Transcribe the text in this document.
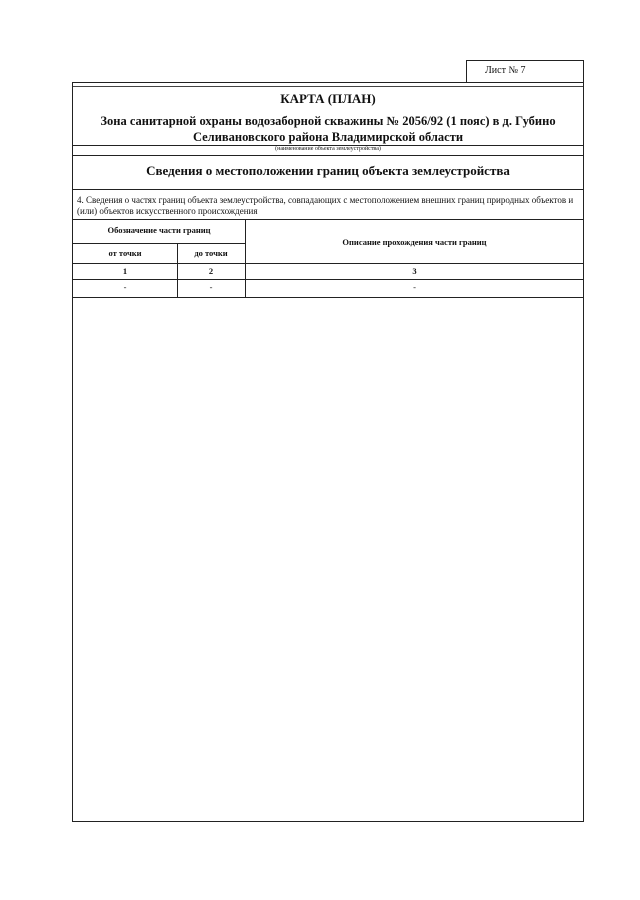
Лист № 7
КАРТА (ПЛАН)
Зона санитарной охраны водозаборной скважины № 2056/92 (1 пояс) в д. Губино Селивановского района Владимирской области
(наименование объекта землеустройства)
Сведения о местоположении границ объекта землеустройства
4. Сведения о частях границ объекта землеустройства, совпадающих с местоположением внешних границ природных объектов и (или) объектов искусственного происхождения
Обозначение части границ
Описание прохождения части границ
от точки	до точки
1	2	3
-	-	-
